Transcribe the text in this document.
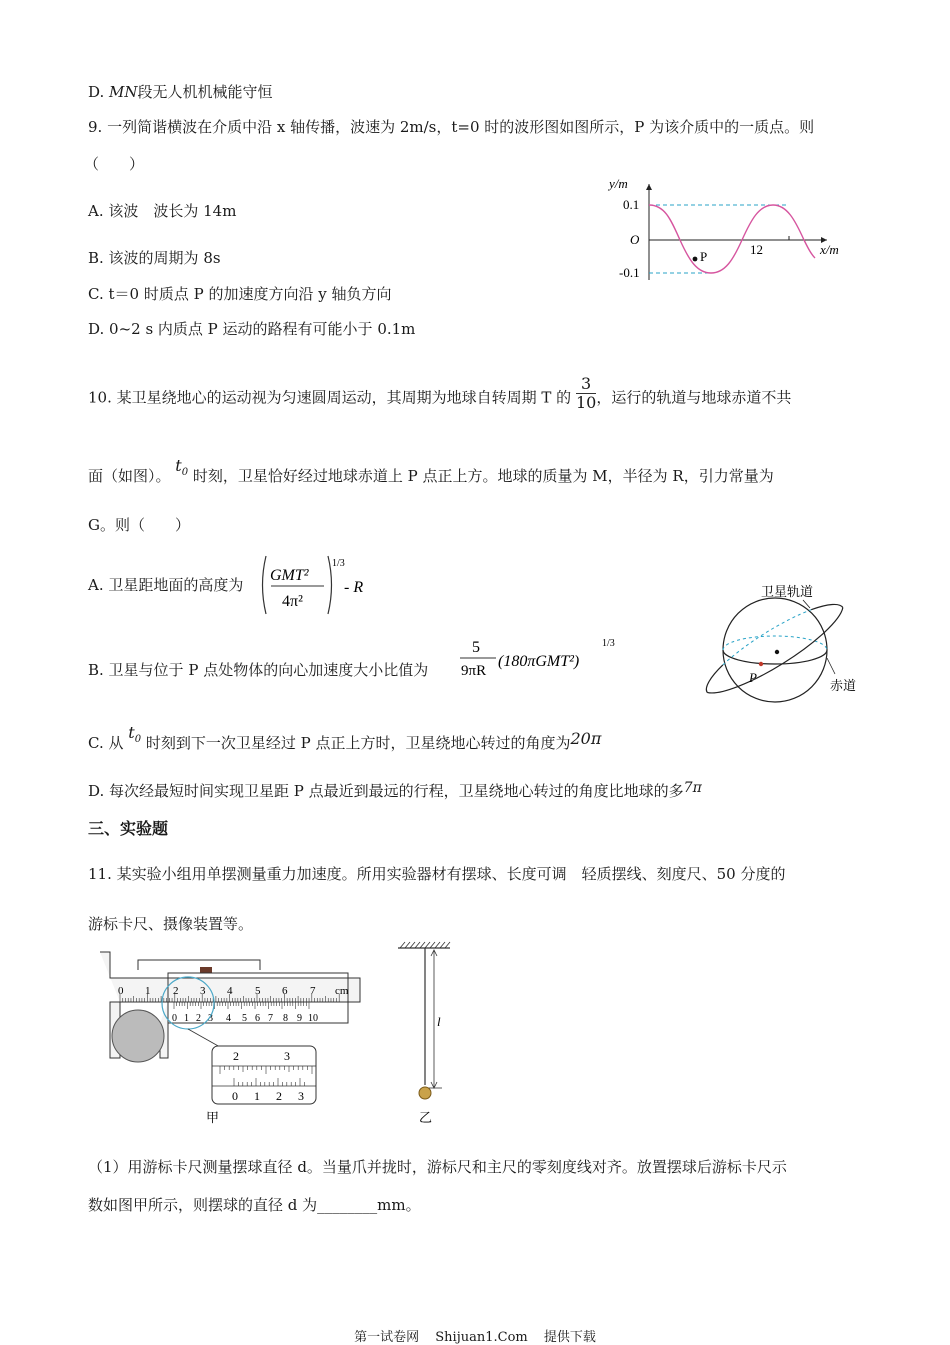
D. MN段无人机机械能守恒
9. 一列简谐横波在介质中沿 x 轴传播，波速为 2m/s，t=0 时的波形图如图所示，P 为该介质中的一质点。则
（　　）
A. 该波　波长为 14m
B. 该波的周期为 8s
C. t＝0 时质点 P 的加速度方向沿 y 轴负方向
D. 0~2 s 内质点 P 运动的路程有可能小于 0.1m
P
y/m
x/m
O
0.1
-0.1
12
10. 某卫星绕地心的运动视为匀速圆周运动，其周期为地球自转周期 T 的 $\frac{3}{10}$ ，运行的轨道与地球赤道不共
面（如图）。 $t_0$ 时刻，卫星恰好经过地球赤道上 P 点正上方。地球的质量为 M，半径为 R，引力常量为
G。则（　　）
A. 卫星距地面的高度为
GMT²
4π²
1/3
- R
B. 卫星与位于 P 点处物体的向心加速度大小比值为
5
9πR
(180πGMT²)
1/3
C. 从 $t_0$ 时刻到下一次卫星经过 P 点正上方时，卫星绕地心转过的角度为20π
D. 每次经最短时间实现卫星距 P 点最近到最远的行程，卫星绕地心转过的角度比地球的多7π
P
卫星轨道
赤道
三、实验题
11. 某实验小组用单摆测量重力加速度。所用实验器材有摆球、长度可调　轻质摆线、刻度尺、50 分度的
游标卡尺、摄像装置等。
0 1 2 3 4 5 6 7 cm
0 1 2 3 4 5 6 7 8 9 10
2	3
0 1 2 3
甲
l
乙
（1）用游标卡尺测量摆球直径 d。当量爪并拢时，游标尺和主尺的零刻度线对齐。放置摆球后游标卡尺示
数如图甲所示，则摆球的直径 d 为________mm。
第一试卷网 Shijuan1.Com 提供下载
